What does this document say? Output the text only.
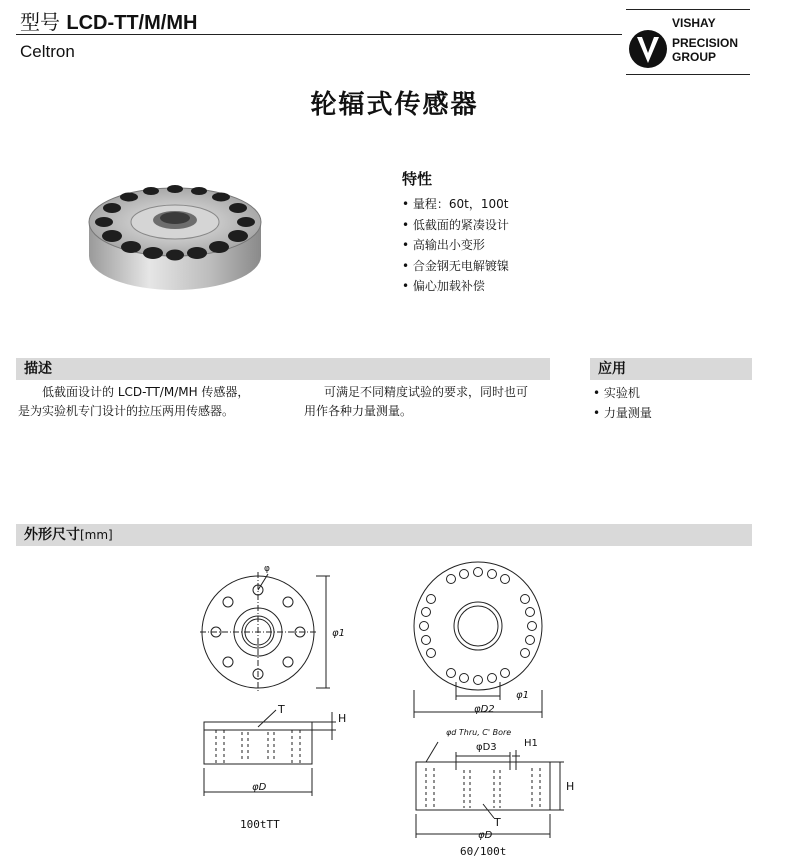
型号 LCD-TT/M/MH
Celtron
VISHAY
PRECISION
GROUP
轮辐式传感器
特性
• 量程：60t，100t
• 低截面的紧凑设计
• 高输出小变形
• 合金钢无电解镀镍
• 偏心加载补偿
描述
低截面设计的 LCD-TT/M/MH 传感器，
是为实验机专门设计的拉压两用传感器。
可满足不同精度试验的要求，同时也可
用作各种力量测量。
应用
• 实验机
• 力量测量
外形尺寸[mm]
φ
φ1
T
H
φD
100tTT
φ1
φD2
φd Thru, C' Bore
φD3	H1
H
T
φD
60/100t
